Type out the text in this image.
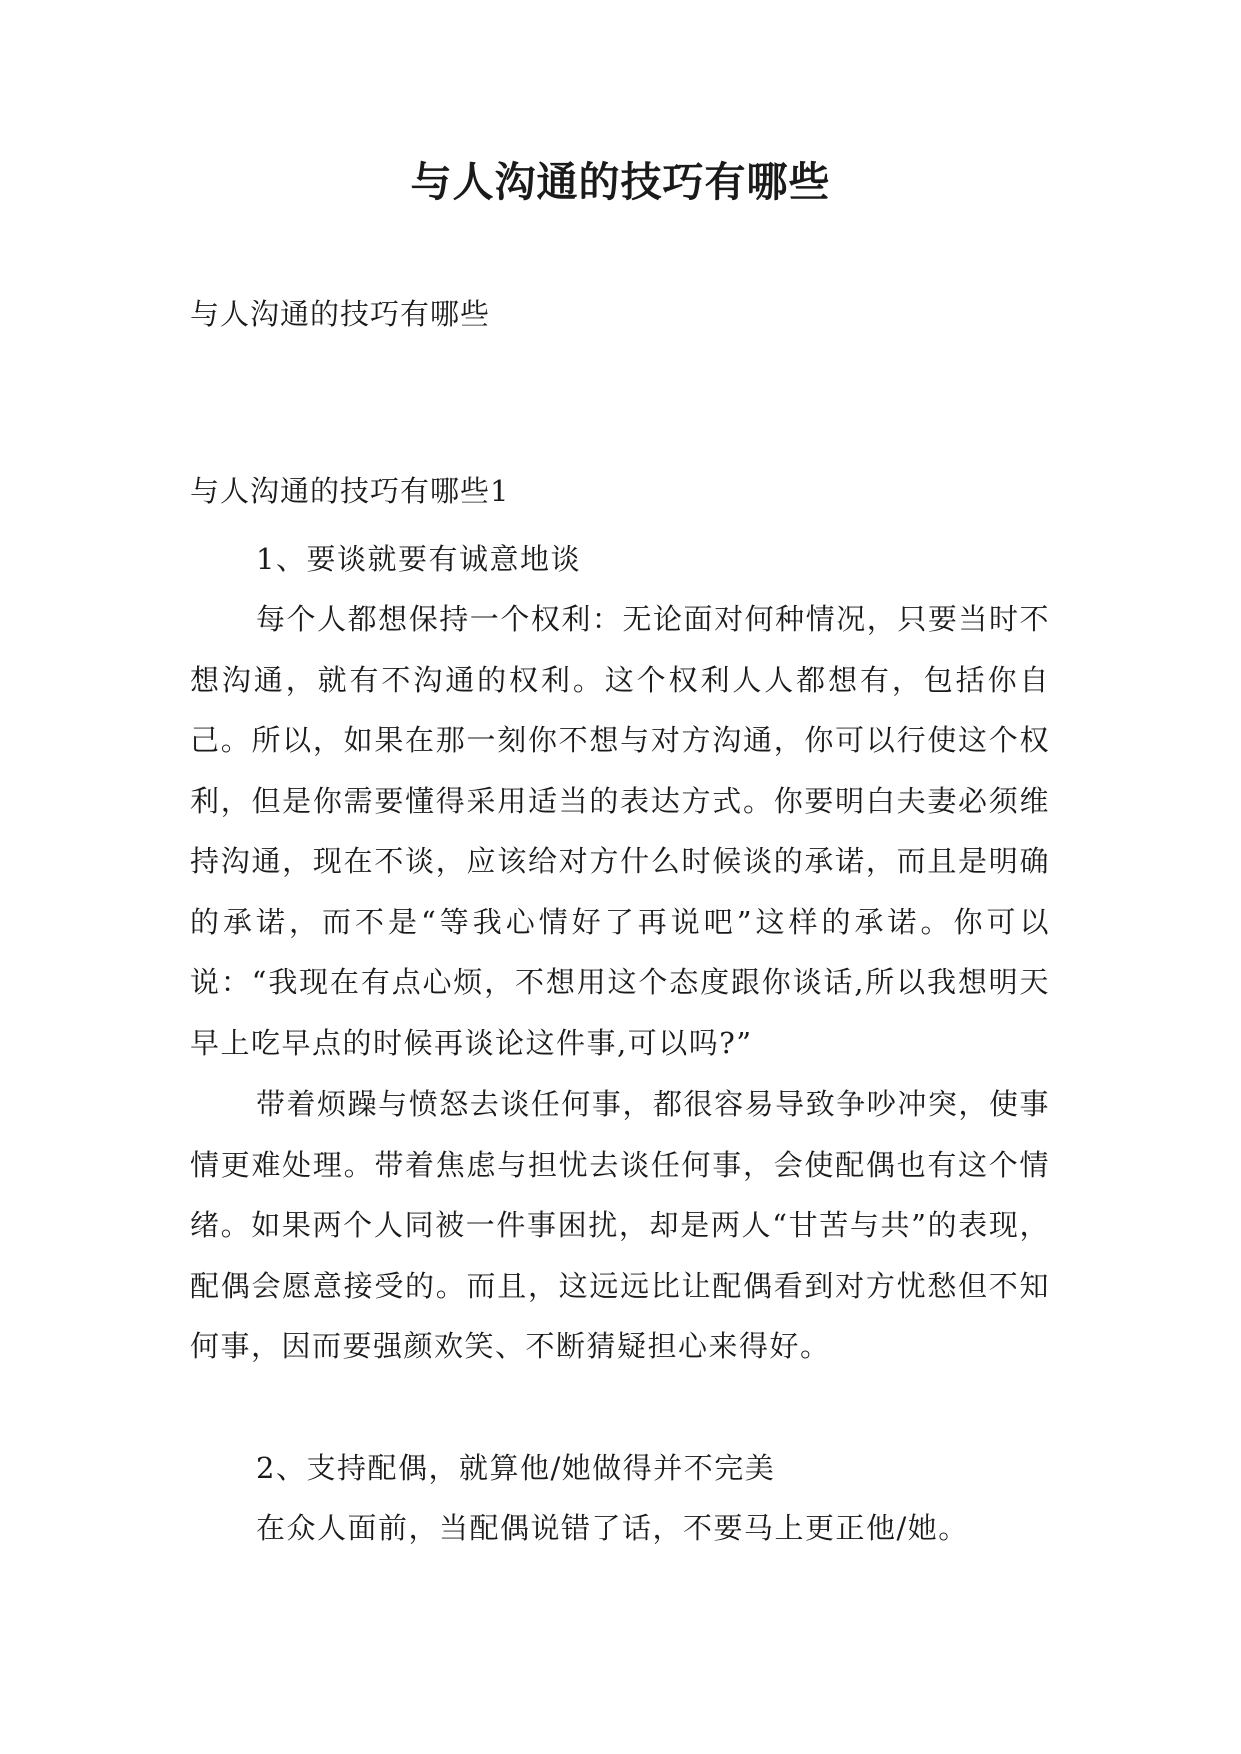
与人沟通的技巧有哪些

与人沟通的技巧有哪些

与人沟通的技巧有哪些1

1、要谈就要有诚意地谈

每个人都想保持一个权利：无论面对何种情况，只要当时不想沟通，就有不沟通的权利。这个权利人人都想有，包括你自己。所以，如果在那一刻你不想与对方沟通，你可以行使这个权利，但是你需要懂得采用适当的表达方式。你要明白夫妻必须维持沟通，现在不谈，应该给对方什么时候谈的承诺，而且是明确的承诺，而不是“等我心情好了再说吧”这样的承诺。你可以说：“我现在有点心烦，不想用这个态度跟你谈话,所以我想明天早上吃早点的时候再谈论这件事,可以吗?”

带着烦躁与愤怒去谈任何事，都很容易导致争吵冲突，使事情更难处理。带着焦虑与担忧去谈任何事，会使配偶也有这个情绪。如果两个人同被一件事困扰，却是两人“甘苦与共”的表现，配偶会愿意接受的。而且，这远远比让配偶看到对方忧愁但不知何事，因而要强颜欢笑、不断猜疑担心来得好。

2、支持配偶，就算他/她做得并不完美

在众人面前，当配偶说错了话，不要马上更正他/她。
